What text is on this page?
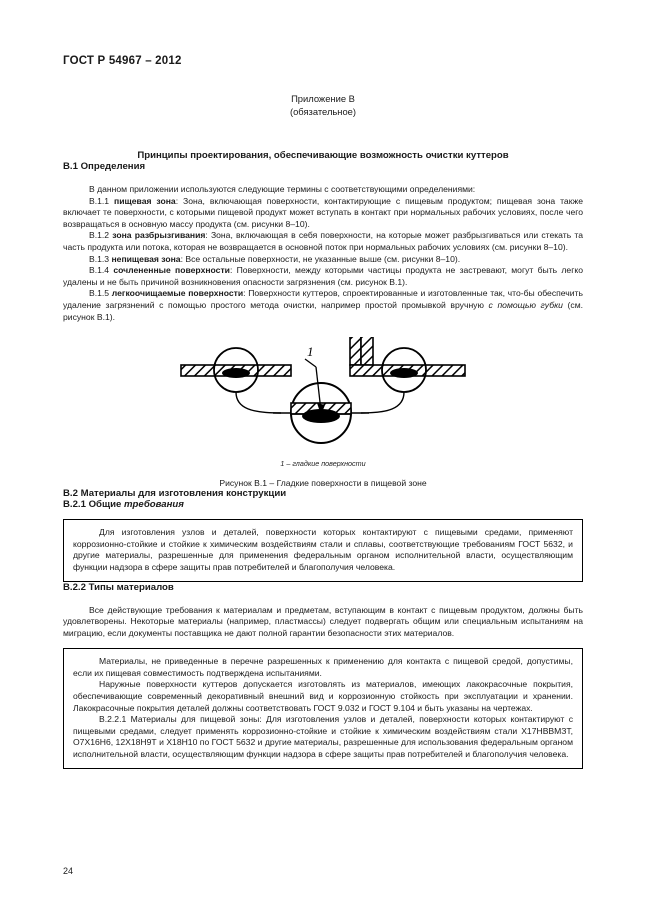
ГОСТ Р 54967 – 2012
Приложение В
(обязательное)
Принципы проектирования, обеспечивающие возможность очистки куттеров
В.1 Определения

В данном приложении используются следующие термины с соответствующими определениями:

В.1.1 пищевая зона: Зона, включающая поверхности, контактирующие с пищевым продуктом; пищевая зона также включает те поверхности, с которыми пищевой продукт может вступать в контакт при нормальных рабочих условиях, после чего возвращаться в основную массу продукта (см. рисунки 8–10).

В.1.2 зона разбрызгивания: Зона, включающая в себя поверхности, на которые может разбрызгиваться или стекать та часть продукта или потока, которая не возвращается в основной поток при нормальных рабочих условиях (см. рисунки 8–10).

В.1.3 непищевая зона: Все остальные поверхности, не указанные выше (см. рисунки 8–10).

В.1.4 сочлененные поверхности: Поверхности, между которыми частицы продукта не застревают, могут быть легко удалены и не быть причиной возникновения опасности загрязнения (см. рисунок В.1).

В.1.5 легкоочищаемые поверхности: Поверхности куттеров, спроектированные и изготовленные так, что-бы обеспечить удаление загрязнений с помощью простого метода очистки, например простой промывкой вручную с помощью губки (см. рисунок В.1).

1
1 – гладкие поверхности
Рисунок В.1 – Гладкие поверхности в пищевой зоне
В.2 Материалы для изготовления конструкции
В.2.1 Общие требования

Для изготовления узлов и деталей, поверхности которых контактируют с пищевыми средами, применяют коррозионно-стойкие и стойкие к химическим воздействиям стали и сплавы, соответствующие требованиям ГОСТ 5632, и другие материалы, разрешенные для применения федеральным органом исполнительной власти, осуществляющим функции надзора в сфере защиты прав потребителей и благополучия человека.

В.2.2 Типы материалов

Все действующие требования к материалам и предметам, вступающим в контакт с пищевым продуктом, должны быть удовлетворены. Некоторые материалы (например, пластмассы) следует подвергать общим или специальным испытаниям на миграцию, если документы поставщика не дают полной гарантии безопасности этих материалов.

Материалы, не приведенные в перечне разрешенных к применению для контакта с пищевой средой, допустимы, если их пищевая совместимость подтверждена испытаниями.

Наружные поверхности куттеров допускается изготовлять из материалов, имеющих лакокрасочные покрытия, обеспечивающие современный декоративный внешний вид и коррозионную стойкость при эксплуатации и хранении. Лакокрасочные покрытия деталей должны соответствовать ГОСТ 9.032 и ГОСТ 9.104 и быть указаны на чертежах.

В.2.2.1 Материалы для пищевой зоны: Для изготовления узлов и деталей, поверхности которых контактируют с пищевыми средами, следует применять коррозионно-стойкие и стойкие к химическим воздействиям стали Х17НВВМЗТ, О7Х16Н6, 12Х18Н9Т и Х18Н10 по ГОСТ 5632 и другие материалы, разрешенные для использования федеральным органом исполнительной власти, осуществляющим функции надзора в сфере защиты прав потребителей и благополучия человека.

24
